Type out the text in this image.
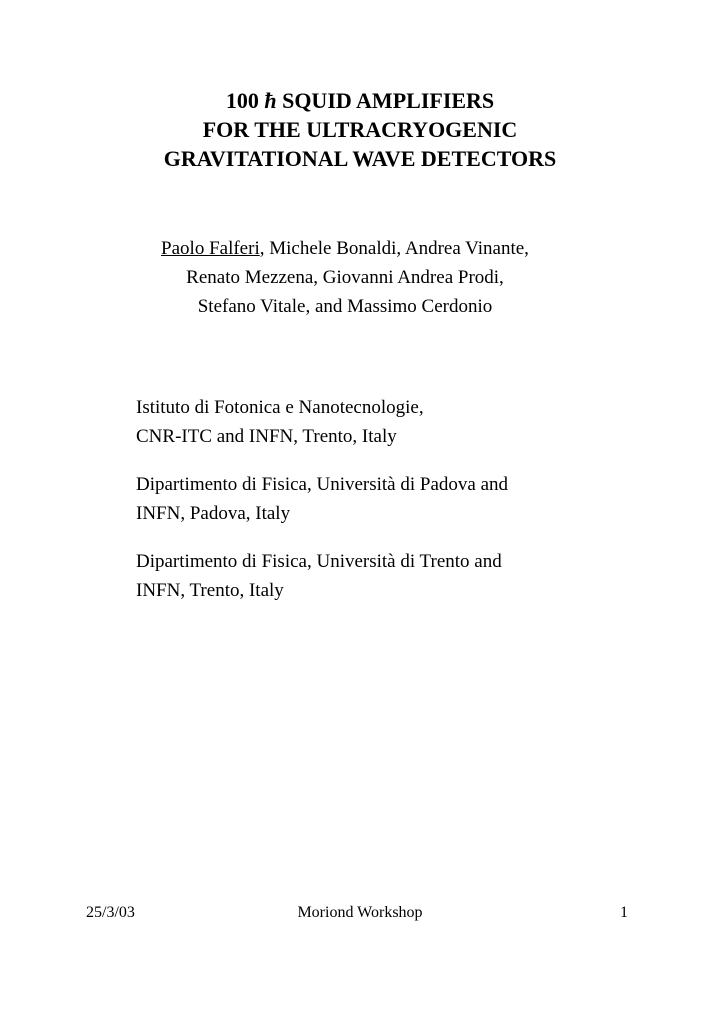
100 ħ SQUID AMPLIFIERS
FOR THE ULTRACRYOGENIC
GRAVITATIONAL WAVE DETECTORS
Paolo Falferi, Michele Bonaldi, Andrea Vinante,
Renato Mezzena, Giovanni Andrea Prodi,
Stefano Vitale, and Massimo Cerdonio
Istituto di Fotonica e Nanotecnologie,
CNR-ITC and INFN, Trento, Italy
Dipartimento di Fisica, Università di Padova and
INFN, Padova, Italy
Dipartimento di Fisica, Università di Trento and
INFN, Trento, Italy
25/3/03	Moriond Workshop	1
